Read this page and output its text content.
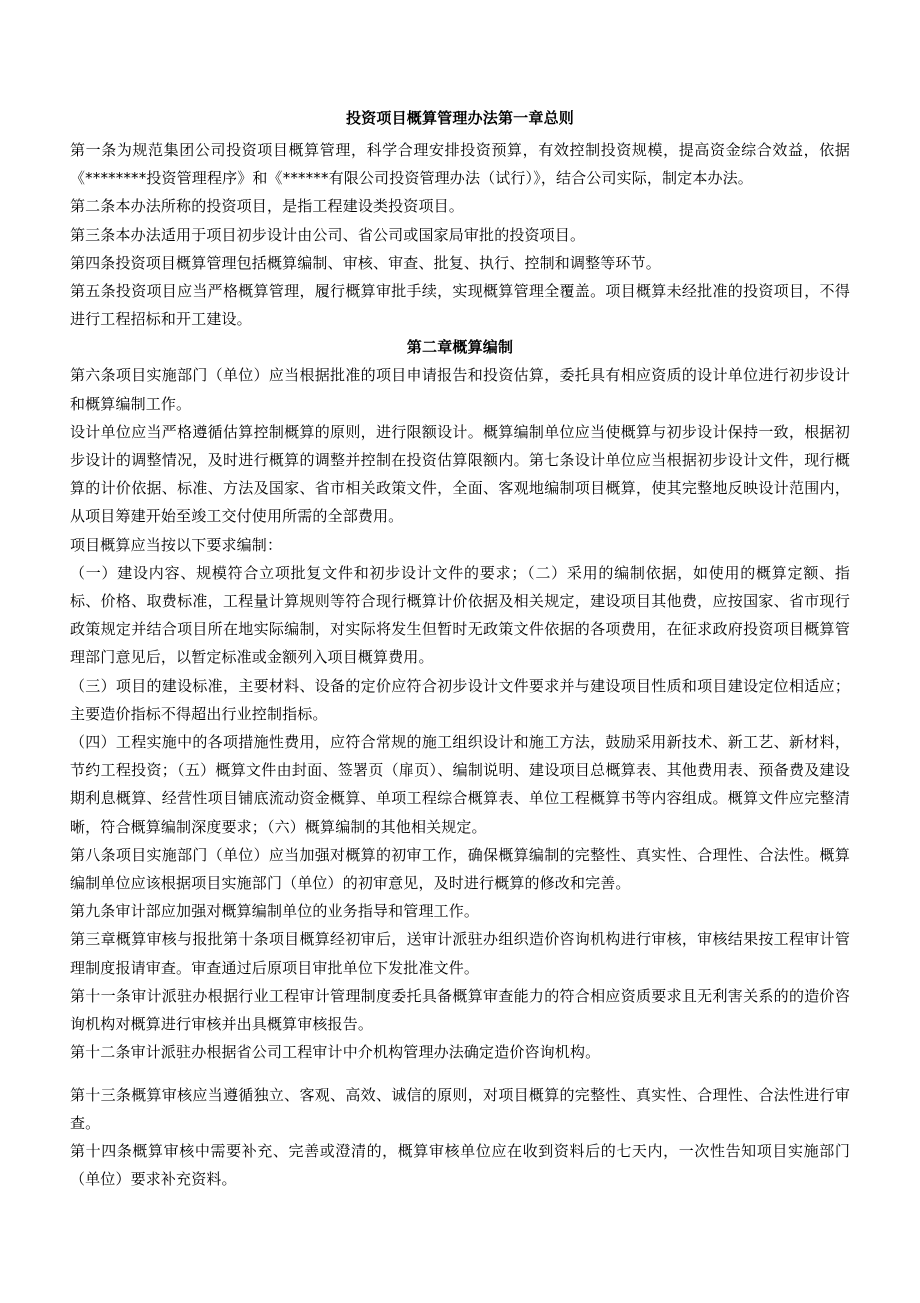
投资项目概算管理办法第一章总则

第一条为规范集团公司投资项目概算管理，科学合理安排投资预算，有效控制投资规模，提高资金综合效益，依据《********投资管理程序》和《******有限公司投资管理办法（试行）》，结合公司实际，制定本办法。

第二条本办法所称的投资项目，是指工程建设类投资项目。

第三条本办法适用于项目初步设计由公司、省公司或国家局审批的投资项目。

第四条投资项目概算管理包括概算编制、审核、审查、批复、执行、控制和调整等环节。

第五条投资项目应当严格概算管理，履行概算审批手续，实现概算管理全覆盖。项目概算未经批准的投资项目，不得进行工程招标和开工建设。

第二章概算编制

第六条项目实施部门（单位）应当根据批准的项目申请报告和投资估算，委托具有相应资质的设计单位进行初步设计和概算编制工作。

设计单位应当严格遵循估算控制概算的原则，进行限额设计。概算编制单位应当使概算与初步设计保持一致，根据初步设计的调整情况，及时进行概算的调整并控制在投资估算限额内。第七条设计单位应当根据初步设计文件，现行概算的计价依据、标准、方法及国家、省市相关政策文件，全面、客观地编制项目概算，使其完整地反映设计范围内，从项目筹建开始至竣工交付使用所需的全部费用。

项目概算应当按以下要求编制：

（一）建设内容、规模符合立项批复文件和初步设计文件的要求；（二）采用的编制依据，如使用的概算定额、指标、价格、取费标准，工程量计算规则等符合现行概算计价依据及相关规定，建设项目其他费，应按国家、省市现行政策规定并结合项目所在地实际编制，对实际将发生但暂时无政策文件依据的各项费用，在征求政府投资项目概算管理部门意见后，以暂定标准或金额列入项目概算费用。

（三）项目的建设标准，主要材料、设备的定价应符合初步设计文件要求并与建设项目性质和项目建设定位相适应；主要造价指标不得超出行业控制指标。

（四）工程实施中的各项措施性费用，应符合常规的施工组织设计和施工方法，鼓励采用新技术、新工艺、新材料，节约工程投资；（五）概算文件由封面、签署页（扉页）、编制说明、建设项目总概算表、其他费用表、预备费及建设期利息概算、经营性项目铺底流动资金概算、单项工程综合概算表、单位工程概算书等内容组成。概算文件应完整清晰，符合概算编制深度要求；（六）概算编制的其他相关规定。

第八条项目实施部门（单位）应当加强对概算的初审工作，确保概算编制的完整性、真实性、合理性、合法性。概算编制单位应该根据项目实施部门（单位）的初审意见，及时进行概算的修改和完善。

第九条审计部应加强对概算编制单位的业务指导和管理工作。

第三章概算审核与报批第十条项目概算经初审后，送审计派驻办组织造价咨询机构进行审核，审核结果按工程审计管理制度报请审查。审查通过后原项目审批单位下发批准文件。

第十一条审计派驻办根据行业工程审计管理制度委托具备概算审查能力的符合相应资质要求且无利害关系的的造价咨询机构对概算进行审核并出具概算审核报告。

第十二条审计派驻办根据省公司工程审计中介机构管理办法确定造价咨询机构。

第十三条概算审核应当遵循独立、客观、高效、诚信的原则，对项目概算的完整性、真实性、合理性、合法性进行审查。

第十四条概算审核中需要补充、完善或澄清的，概算审核单位应在收到资料后的七天内，一次性告知项目实施部门（单位）要求补充资料。
